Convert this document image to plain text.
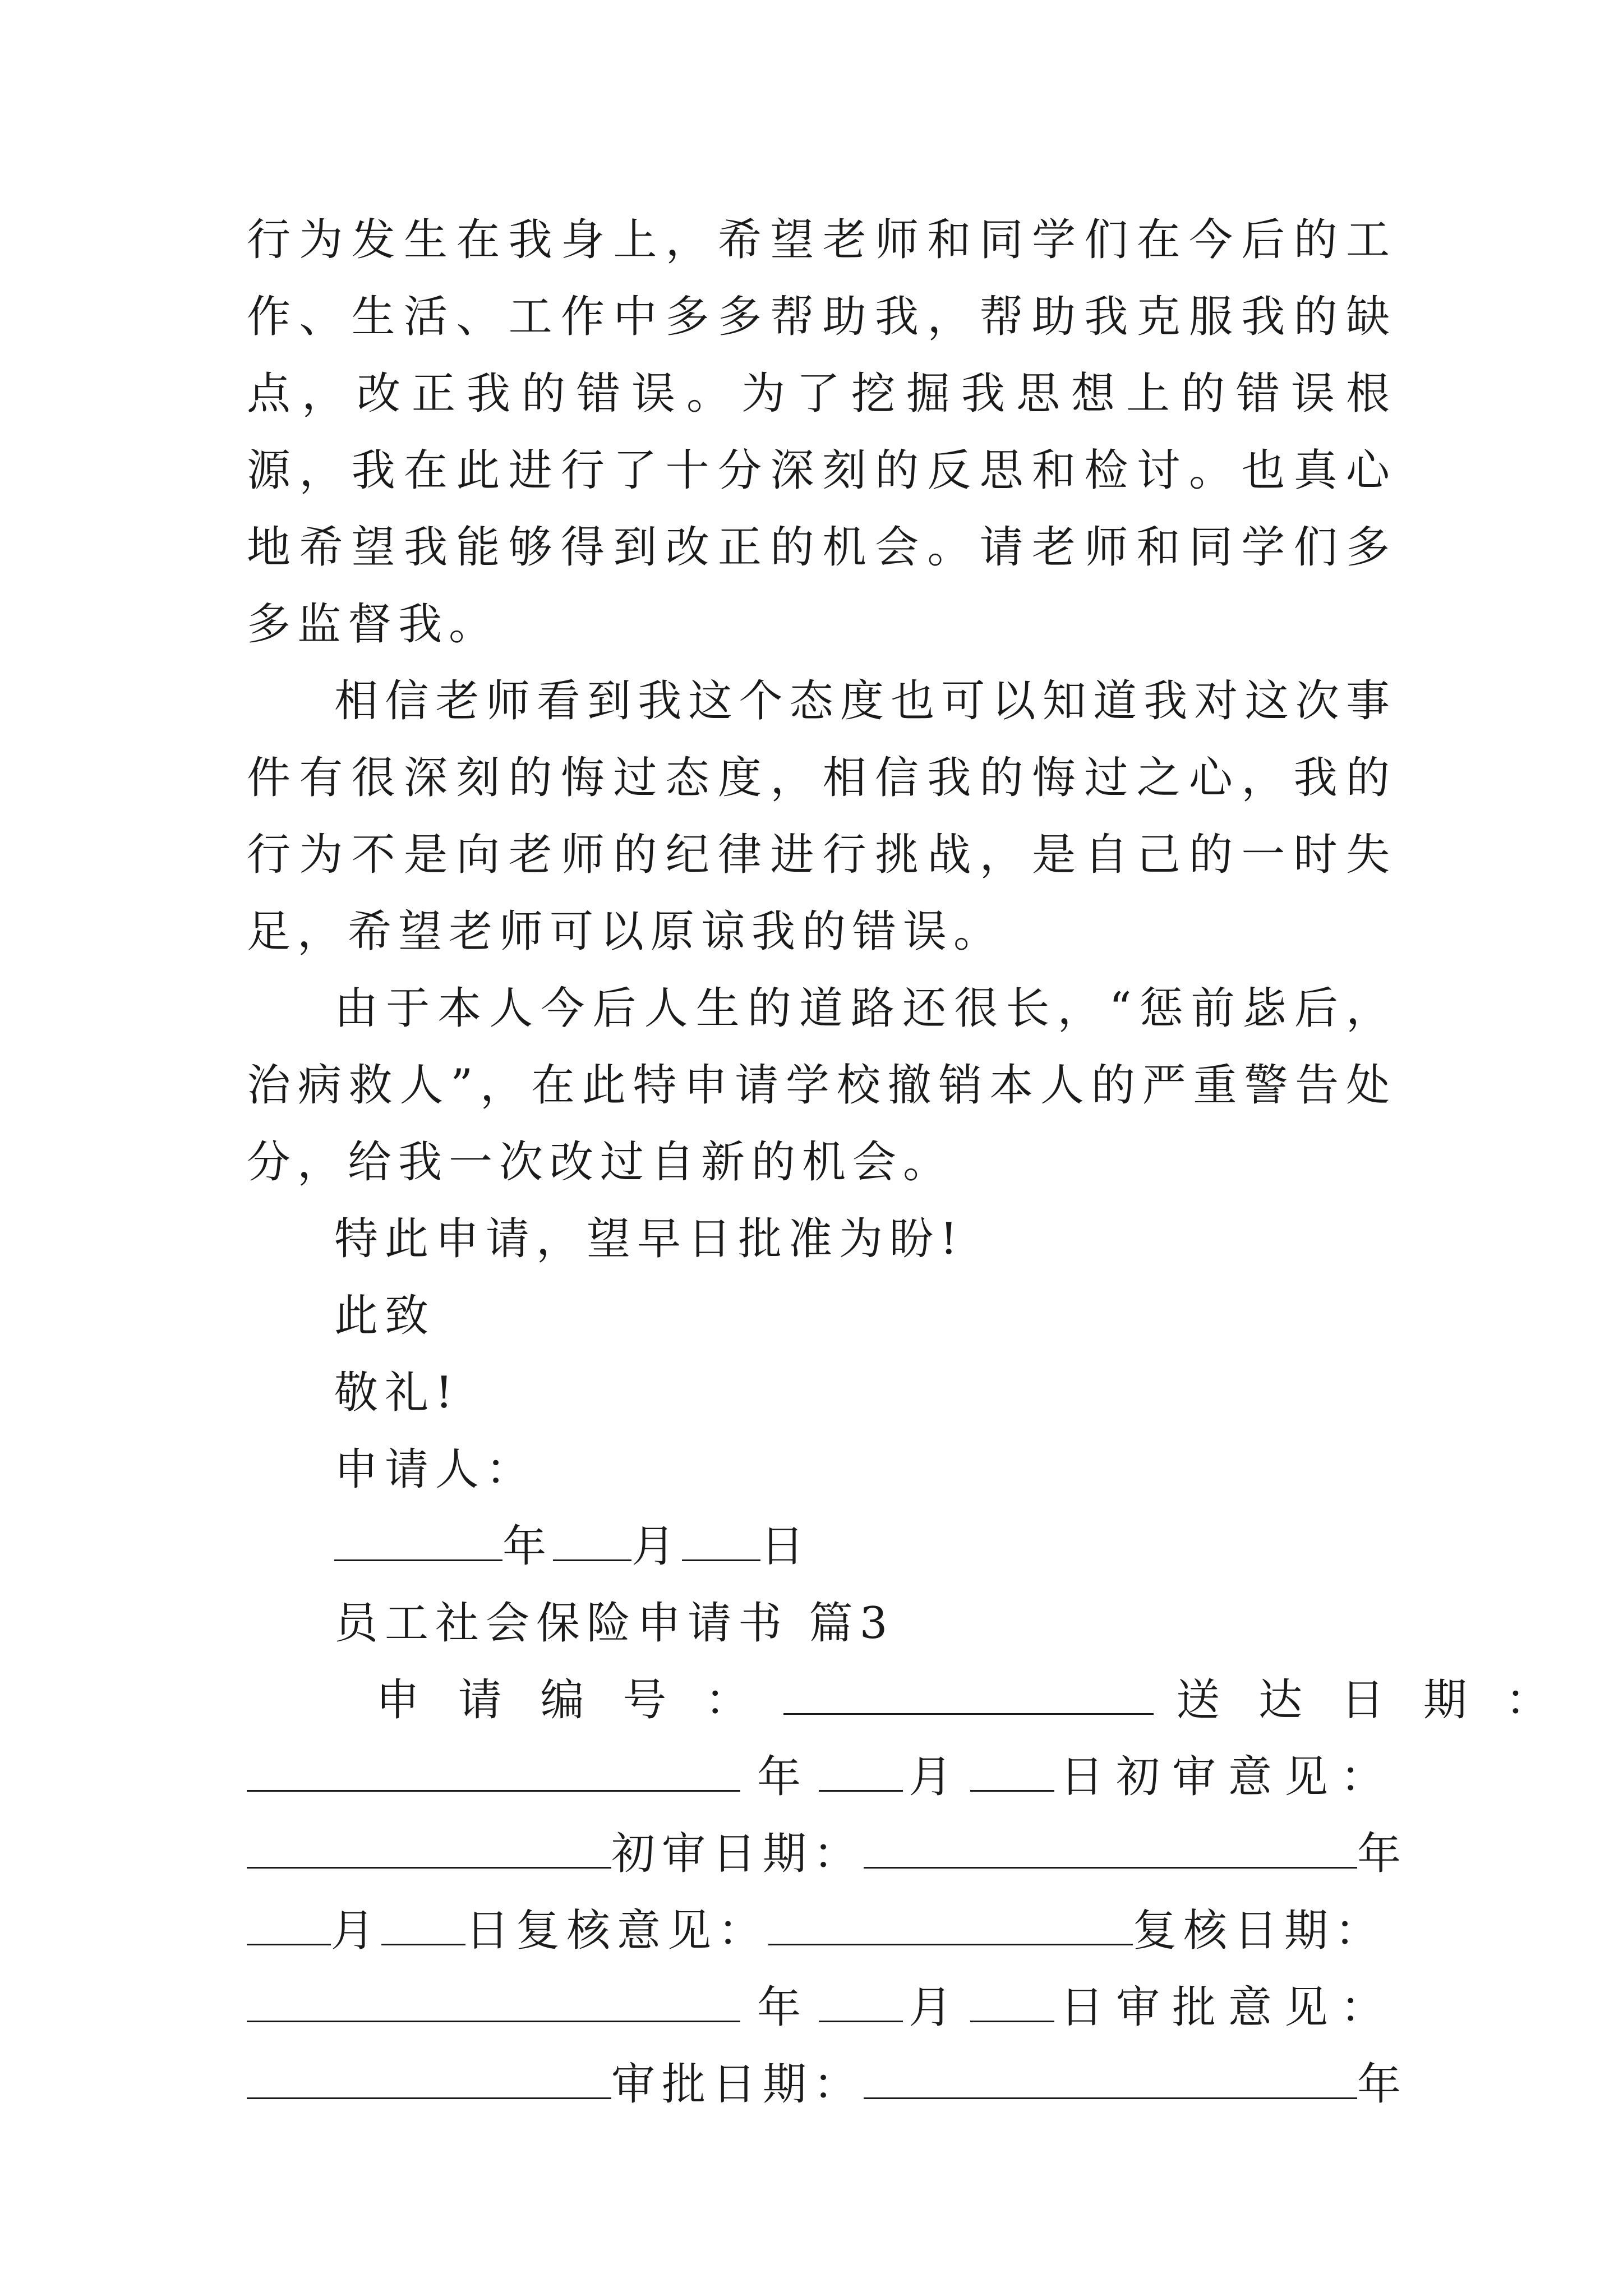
行为发生在我身上，希望老师和同学们在今后的工作、生活、工作中多多帮助我，帮助我克服我的缺点，改正我的错误。为了挖掘我思想上的错误根源，我在此进行了十分深刻的反思和检讨。也真心地希望我能够得到改正的机会。请老师和同学们多多监督我。

相信老师看到我这个态度也可以知道我对这次事件有很深刻的悔过态度，相信我的悔过之心，我的行为不是向老师的纪律进行挑战，是自己的一时失足，希望老师可以原谅我的错误。

由于本人今后人生的道路还很长，“惩前毖后，治病救人”，在此特申请学校撤销本人的严重警告处分，给我一次改过自新的机会。

特此申请，望早日批准为盼!

此致

敬礼!

申请人：

年 月 日

员工社会保险申请书 篇3

申 请 编 号 ：	送 达 日 期 ：

年 月 日初审意见：

初审日期：	年

月 日复核意见：	复核日期：

年 月 日审批意见：

审批日期：	年
